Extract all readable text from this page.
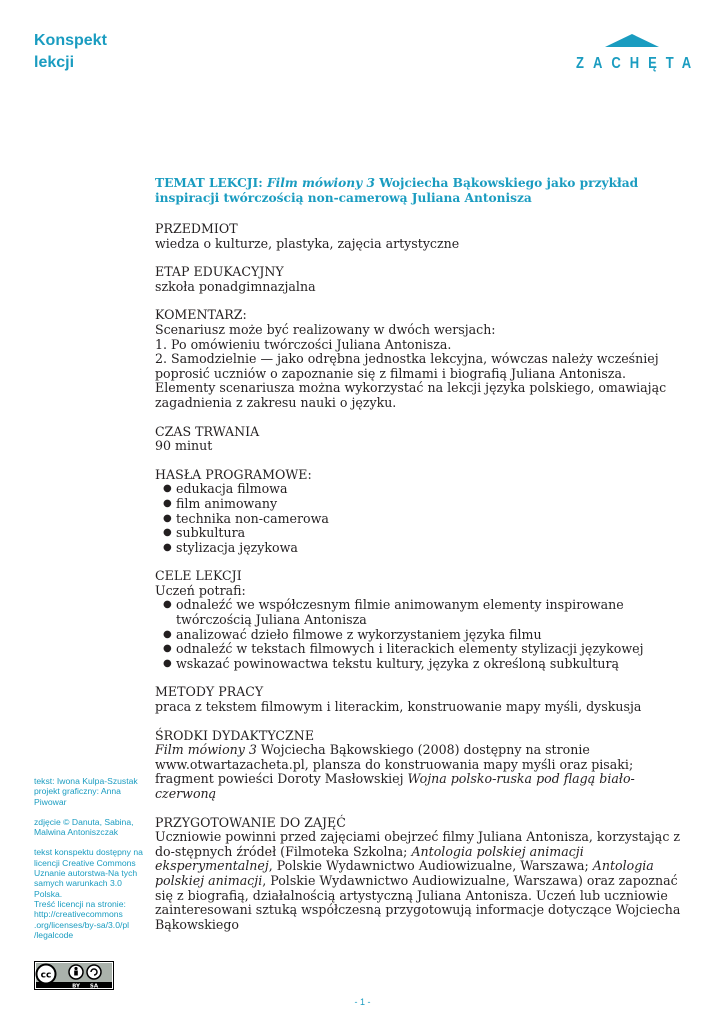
Konspekt
lekcji	ZACHĘTA
TEMAT LEKCJI: Film mówiony 3 Wojciecha Bąkowskiego jako przykład inspiracji twórczością non-camerową Juliana Antonisza
PRZEDMIOT
wiedza o kulturze, plastyka, zajęcia artystyczne
ETAP EDUKACYJNY
szkoła ponadgimnazjalna
KOMENTARZ:
Scenariusz może być realizowany w dwóch wersjach:
1. Po omówieniu twórczości Juliana Antonisza.
2. Samodzielnie — jako odrębna jednostka lekcyjna, wówczas należy wcześniej poprosić uczniów o zapoznanie się z filmami i biografią Juliana Antonisza. Elementy scenariusza można wykorzystać na lekcji języka polskiego, omawiając zagadnienia z zakresu nauki o języku.
CZAS TRWANIA
90 minut
HASŁA PROGRAMOWE:
● edukacja filmowa
● film animowany
● technika non-camerowa
● subkultura
● stylizacja językowa
CELE LEKCJI
Uczeń potrafi:
● odnaleźć we współczesnym filmie animowanym elementy inspirowane twórczością Juliana Antonisza
● analizować dzieło filmowe z wykorzystaniem języka filmu
● odnaleźć w tekstach filmowych i literackich elementy stylizacji językowej
● wskazać powinowactwa tekstu kultury, języka z określoną subkulturą
METODY PRACY
praca z tekstem filmowym i literackim, konstruowanie mapy myśli, dyskusja
ŚRODKI DYDAKTYCZNE
Film mówiony 3 Wojciecha Bąkowskiego (2008) dostępny na stronie
www.otwartazacheta.pl, plansza do konstruowania mapy myśli oraz pisaki;
fragment powieści Doroty Masłowskiej Wojna polsko-ruska pod flagą biało-czerwoną
PRZYGOTOWANIE DO ZAJĘĆ
Uczniowie powinni przed zajęciami obejrzeć filmy Juliana Antonisza, korzystając z do-stępnych źródeł (Filmoteka Szkolna; Antologia polskiej animacji eksperymentalnej, Polskie Wydawnictwo Audiowizualne, Warszawa; Antologia polskiej animacji, Polskie Wydawnictwo Audiowizualne, Warszawa) oraz zapoznać się z biografią, działalnością artystyczną Juliana Antonisza. Uczeń lub uczniowie zainteresowani sztuką współczesną przygotowują informacje dotyczące Wojciecha Bąkowskiego

tekst: Iwona Kulpa-Szustak
projekt graficzny: Anna Piwowar

zdjęcie © Danuta, Sabina, Malwina Antoniszczak

tekst konspektu dostępny na licencji Creative Commons Uznanie autorstwa-Na tych samych warunkach 3.0 Polska.
Treść licencji na stronie: http://creativecommons .org/licenses/by-sa/3.0/pl /legalcode

cc
BY SA
- 1 -
